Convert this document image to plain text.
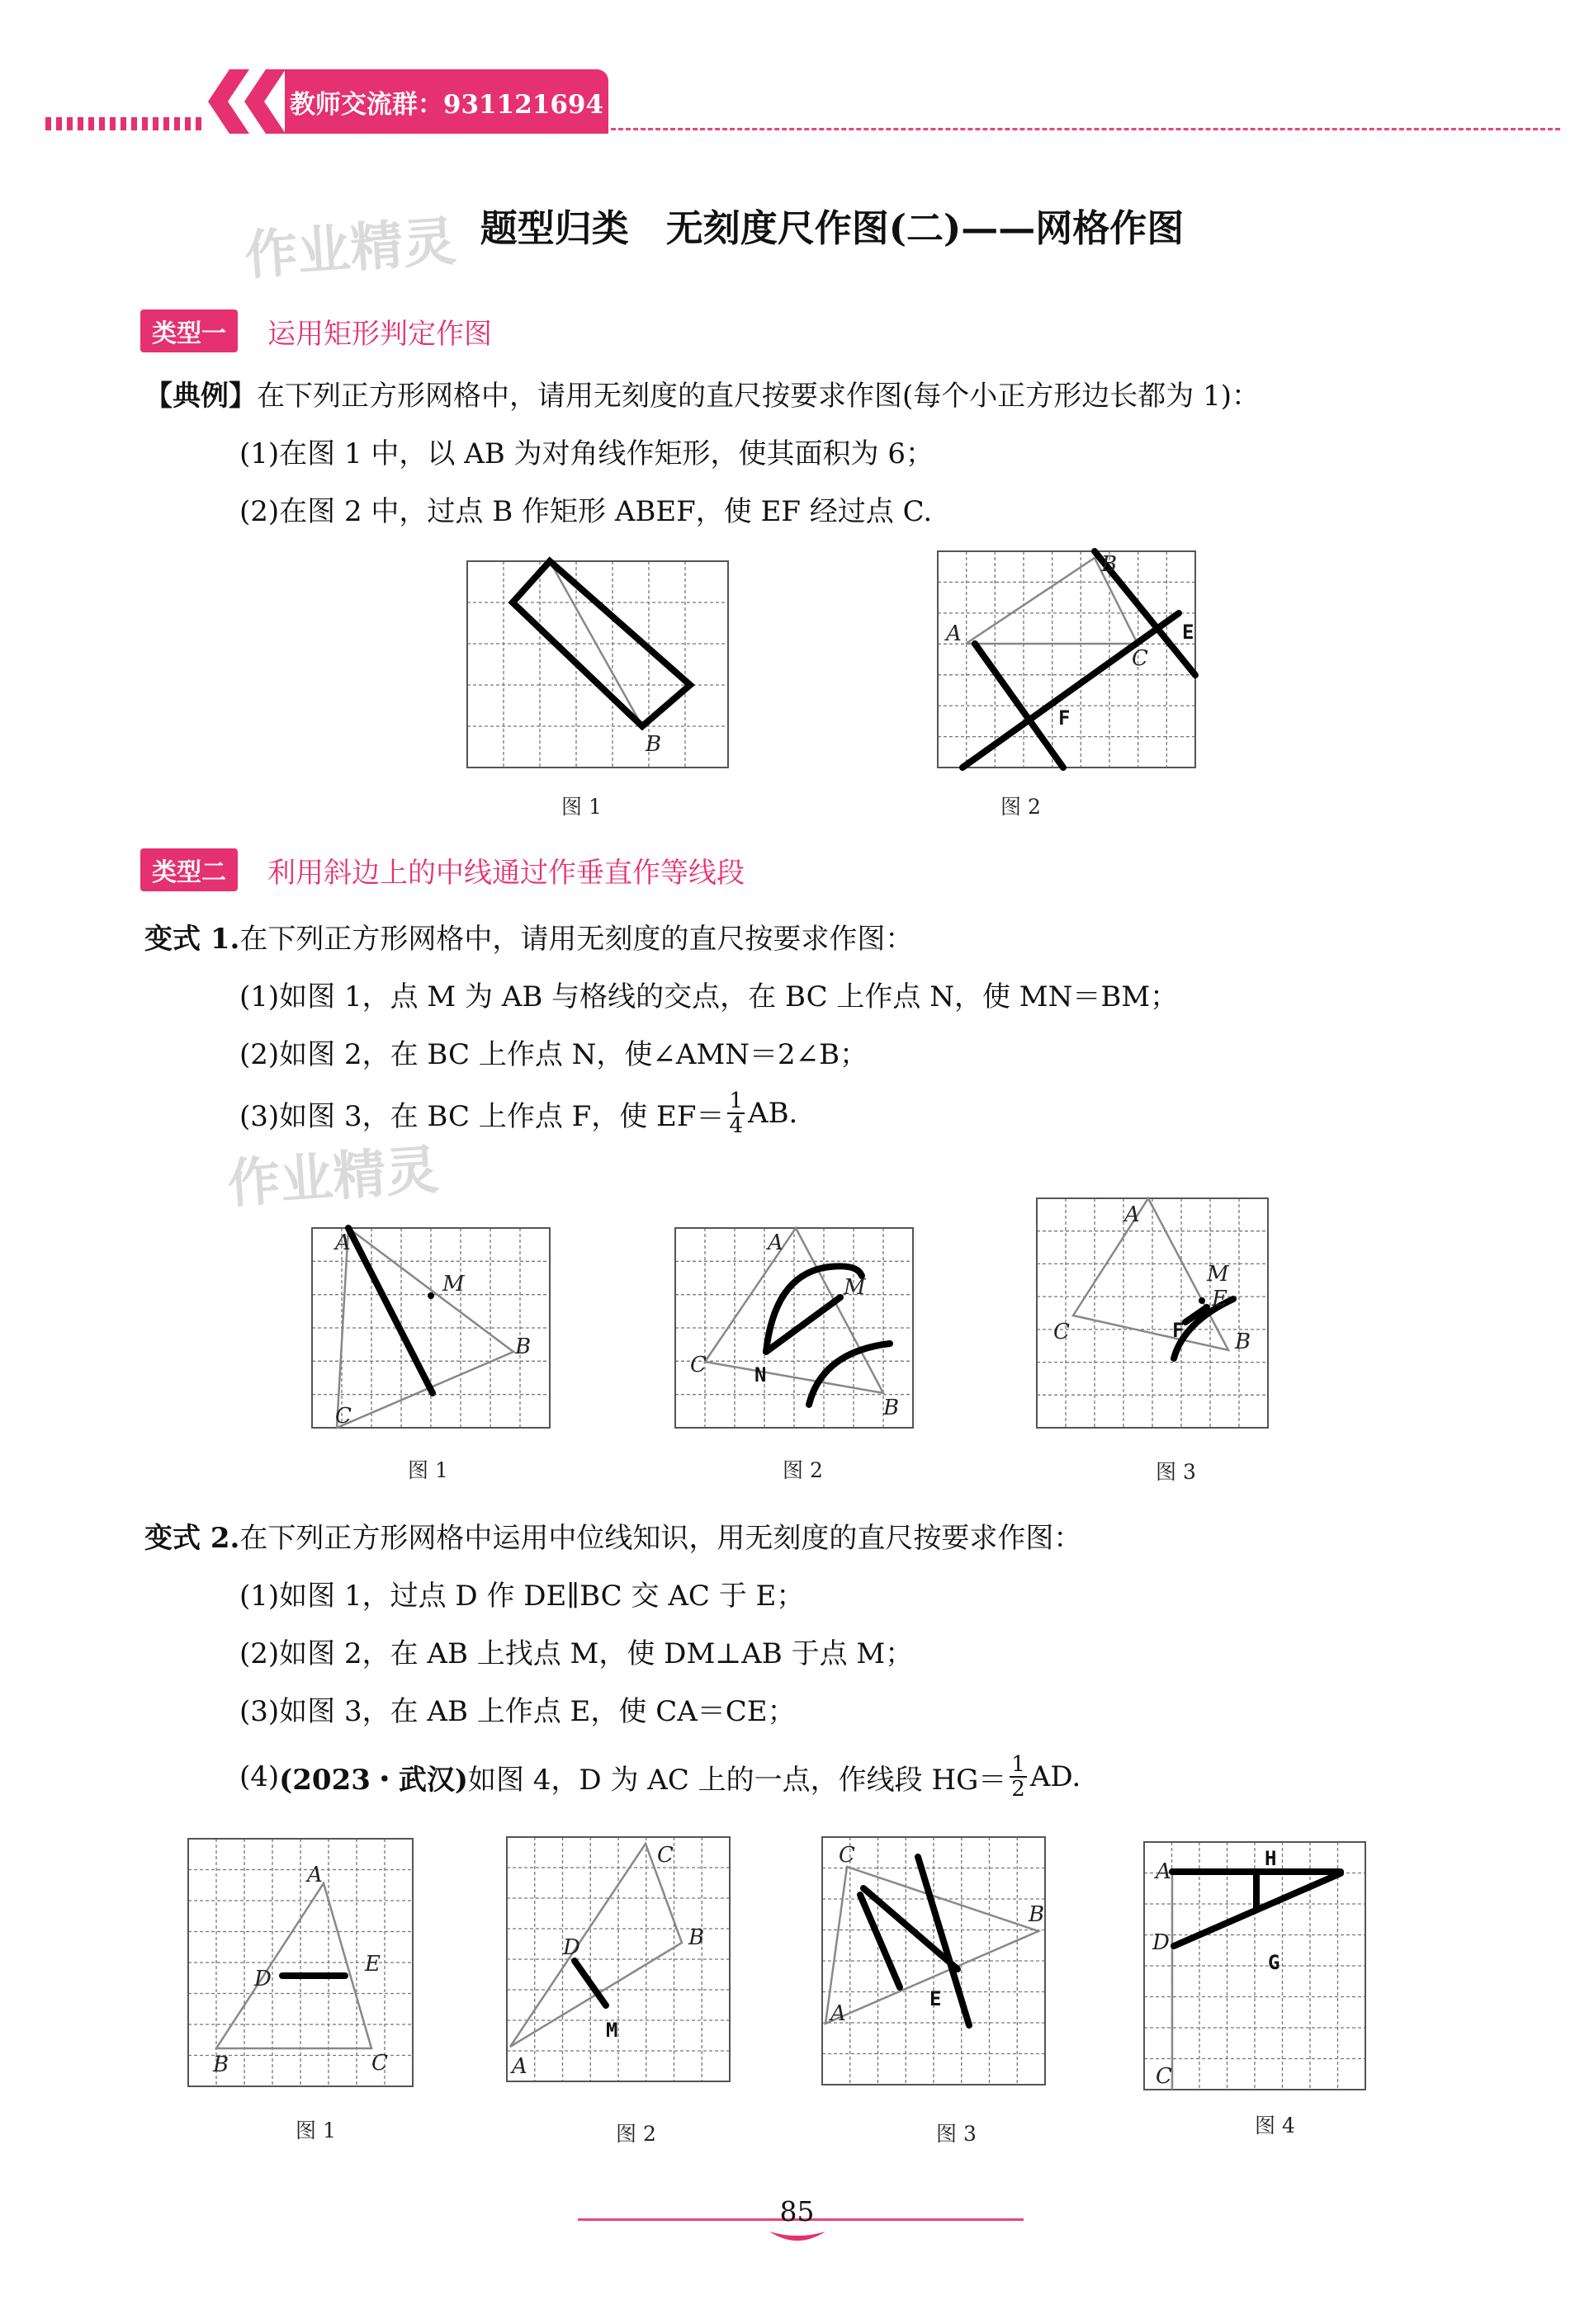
教师交流群：931121694
作业精灵 题型归类　无刻度尺作图(二)——网格作图
类型一	运用矩形判定作图
【典例】在下列正方形网格中，请用无刻度的直尺按要求作图(每个小正方形边长都为 1)：
(1)在图 1 中，以 AB 为对角线作矩形，使其面积为 6；
(2)在图 2 中，过点 B 作矩形 ABEF，使 EF 经过点 C.
B
图 1
A
B
C
E
F
图 2
类型二	利用斜边上的中线通过作垂直作等线段
变式 1.在下列正方形网格中，请用无刻度的直尺按要求作图：
(1)如图 1，点 M 为 AB 与格线的交点，在 BC 上作点 N，使 MN＝BM；
(2)如图 2，在 BC 上作点 N，使∠AMN＝2∠B；
(3)如图 3，在 BC 上作点 F，使 $EF= \frac{1}{4}$ AB.
作业精灵
A
M
B
C
图 1
A
M
C N
B
图 2
A
M
E
C	F B
图 3
变式 2.在下列正方形网格中运用中位线知识，用无刻度的直尺按要求作图：
(1)如图 1，过点 D 作 DE∥BC 交 AC 于 E；
(2)如图 2，在 AB 上找点 M，使 DM⊥AB 于点 M；
(3)如图 3，在 AB 上作点 E，使 CA＝CE；
(4) (2023・武汉) 如图 4，D 为 AC 上的一点，作线段 $HG= \frac{1}{2}$ AD.
A
D
E
B	C
图 1
C
D	B
M
A
图 2
C
B
E
A
图 3
A
H
D
G
C
图 4
85
